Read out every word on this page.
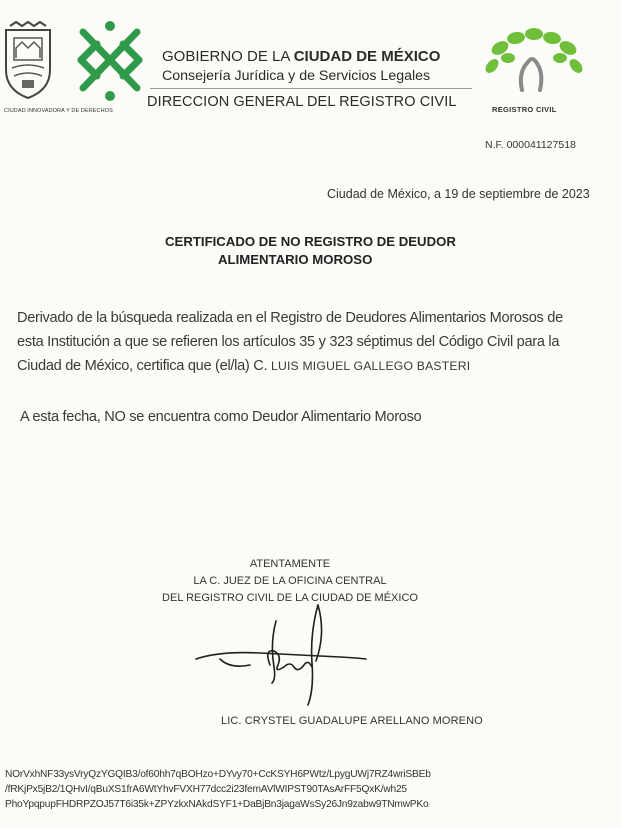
CIUDAD INNOVADORA Y DE DERECHOS
GOBIERNO DE LA CIUDAD DE MÉXICO
Consejería Jurídica y de Servicios Legales
DIRECCION GENERAL DEL REGISTRO CIVIL	REGISTRO CIVIL
N.F. 000041127518
Ciudad de México, a 19 de septiembre de 2023
CERTIFICADO DE NO REGISTRO DE DEUDOR
ALIMENTARIO MOROSO
Derivado de la búsqueda realizada en el Registro de Deudores Alimentarios Morosos de
esta Institución a que se refieren los artículos 35 y 323 séptimus del Código Civil para la
Ciudad de México, certifica que (el/la) C. LUIS MIGUEL GALLEGO BASTERI
A esta fecha, NO se encuentra como Deudor Alimentario Moroso
ATENTAMENTE
LA C. JUEZ DE LA OFICINA CENTRAL
DEL REGISTRO CIVIL DE LA CIUDAD DE MÉXICO
LIC. CRYSTEL GUADALUPE ARELLANO MORENO
NOrVxhNF33ysVryQzYGQIB3/of60hh7qBOHzo+DYvy70+CcKSYH6PWtz/LpygUWj7RZ4wriSBEb
/fRKjPx5jB2/1QHvI/qBuXS1frA6WtYhvFVXH77dcc2i23femAVlWIPST90TAsArFF5QxK/wh25
PhoYpqpupFHDRPZOJ57T6i35k+ZPYzkxNAkdSYF1+DaBjBn3jagaWsSy26Jn9zabw9TNmwPKo
